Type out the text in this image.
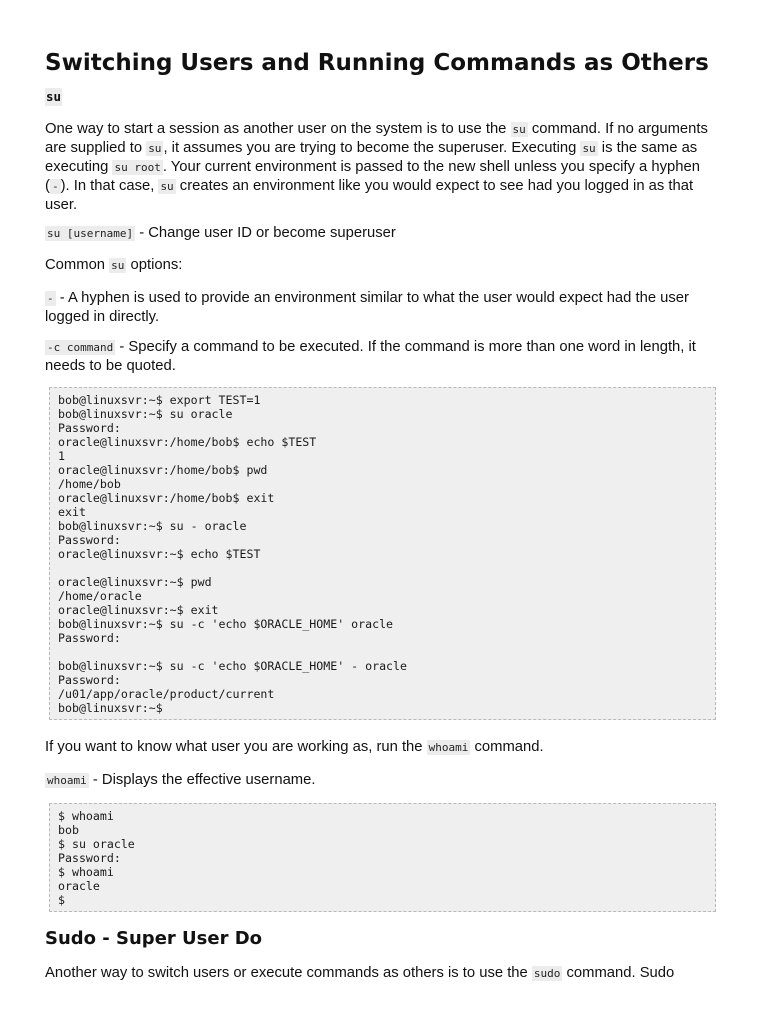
Switching Users and Running Commands as Others
su

One way to start a session as another user on the system is to use the su command. If no arguments are supplied to su , it assumes you are trying to become the superuser. Executing su is the same as executing su root . Your current environment is passed to the new shell unless you specify a hyphen ( - ). In that case, su creates an environment like you would expect to see had you logged in as that user.

su [username] - Change user ID or become superuser

Common su options:

- - A hyphen is used to provide an environment similar to what the user would expect had the user logged in directly.

-c command - Specify a command to be executed. If the command is more than one word in length, it needs to be quoted.

bob@linuxsvr:~$ export TEST=1
bob@linuxsvr:~$ su oracle
Password:
oracle@linuxsvr:/home/bob$ echo $TEST
1
oracle@linuxsvr:/home/bob$ pwd
/home/bob
oracle@linuxsvr:/home/bob$ exit
exit
bob@linuxsvr:~$ su - oracle
Password:
oracle@linuxsvr:~$ echo $TEST
oracle@linuxsvr:~$ pwd
/home/oracle
oracle@linuxsvr:~$ exit
bob@linuxsvr:~$ su -c 'echo $ORACLE_HOME' oracle
Password:
bob@linuxsvr:~$ su -c 'echo $ORACLE_HOME' - oracle
Password:
/u01/app/oracle/product/current
bob@linuxsvr:~$

If you want to know what user you are working as, run the whoami command.

whoami - Displays the effective username.

$ whoami
bob
$ su oracle
Password:
$ whoami
oracle
$
Sudo - Super User Do

Another way to switch users or execute commands as others is to use the sudo command. Sudo
